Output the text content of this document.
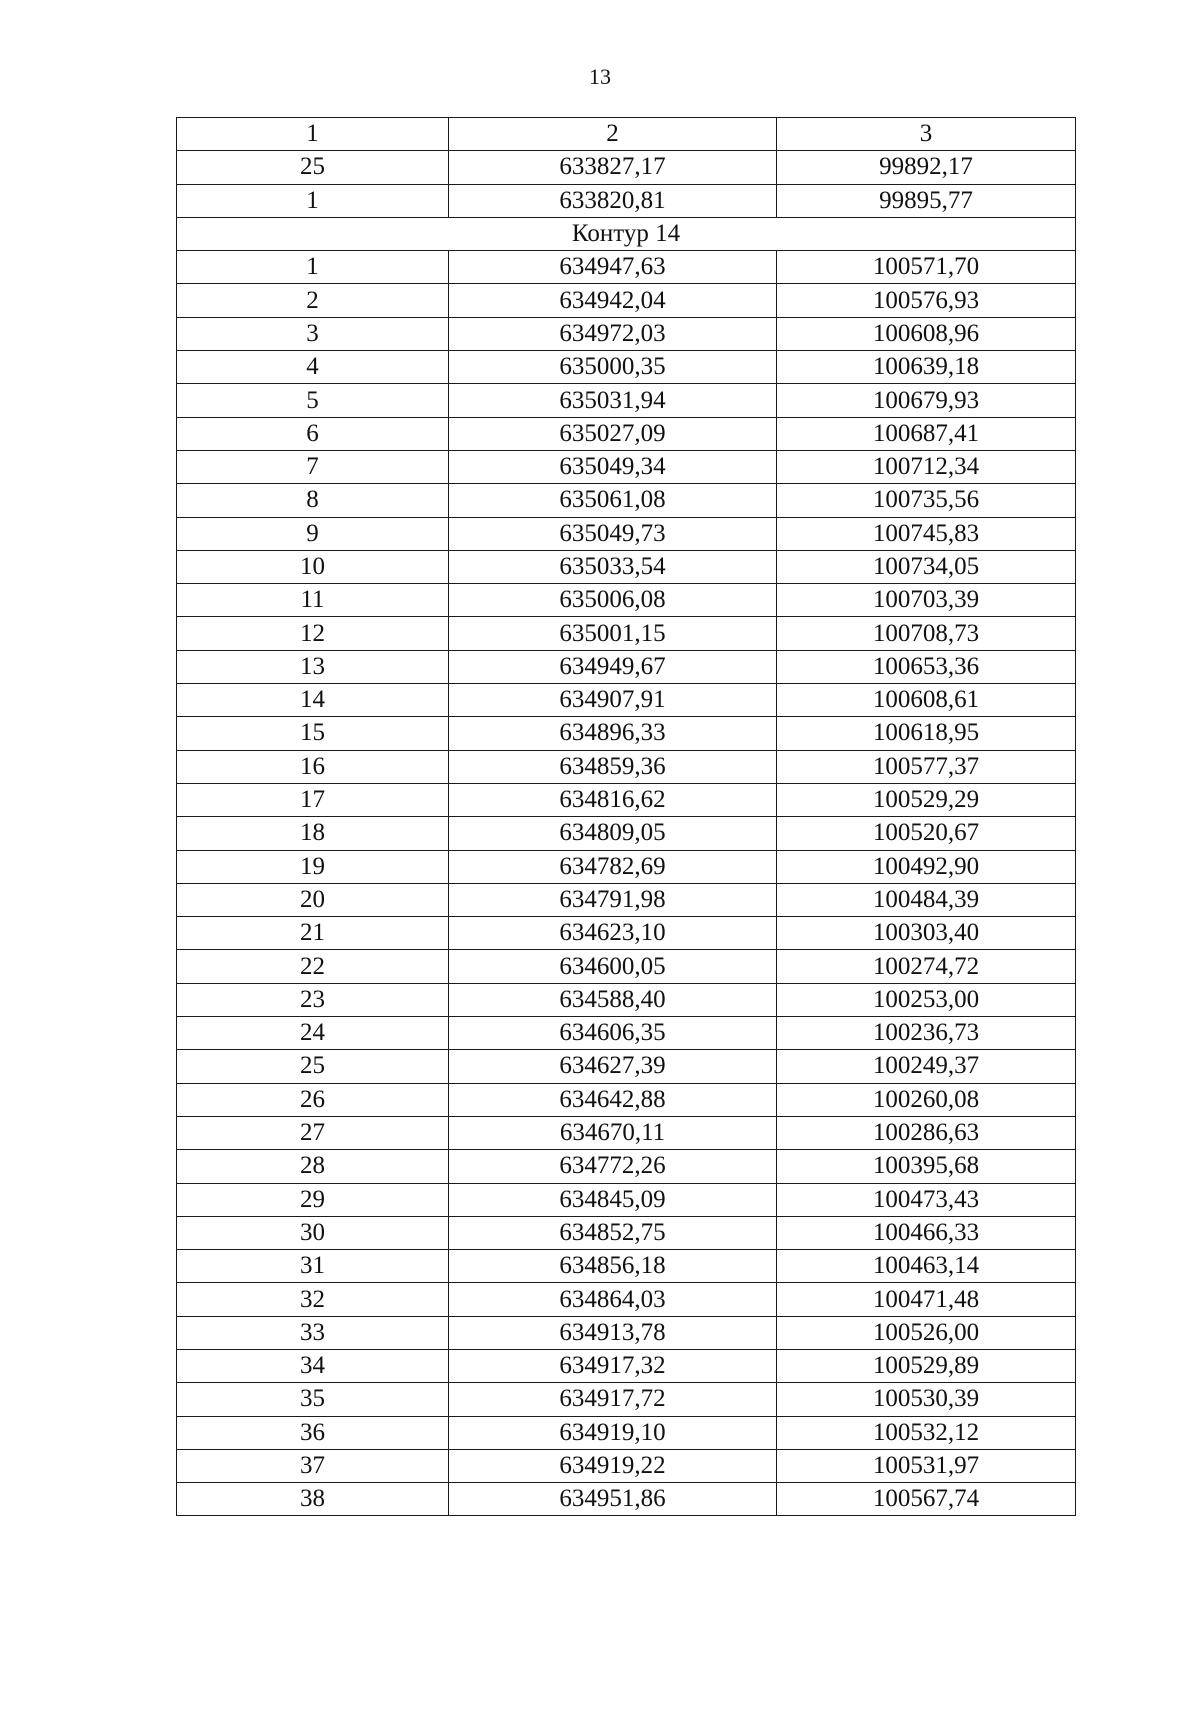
13
1	2	3
25	633827,17	99892,17
1	633820,81	99895,77
Контур 14		
1	634947,63	100571,70
2	634942,04	100576,93
3	634972,03	100608,96
4	635000,35	100639,18
5	635031,94	100679,93
6	635027,09	100687,41
7	635049,34	100712,34
8	635061,08	100735,56
9	635049,73	100745,83
10	635033,54	100734,05
11	635006,08	100703,39
12	635001,15	100708,73
13	634949,67	100653,36
14	634907,91	100608,61
15	634896,33	100618,95
16	634859,36	100577,37
17	634816,62	100529,29
18	634809,05	100520,67
19	634782,69	100492,90
20	634791,98	100484,39
21	634623,10	100303,40
22	634600,05	100274,72
23	634588,40	100253,00
24	634606,35	100236,73
25	634627,39	100249,37
26	634642,88	100260,08
27	634670,11	100286,63
28	634772,26	100395,68
29	634845,09	100473,43
30	634852,75	100466,33
31	634856,18	100463,14
32	634864,03	100471,48
33	634913,78	100526,00
34	634917,32	100529,89
35	634917,72	100530,39
36	634919,10	100532,12
37	634919,22	100531,97
38	634951,86	100567,74
